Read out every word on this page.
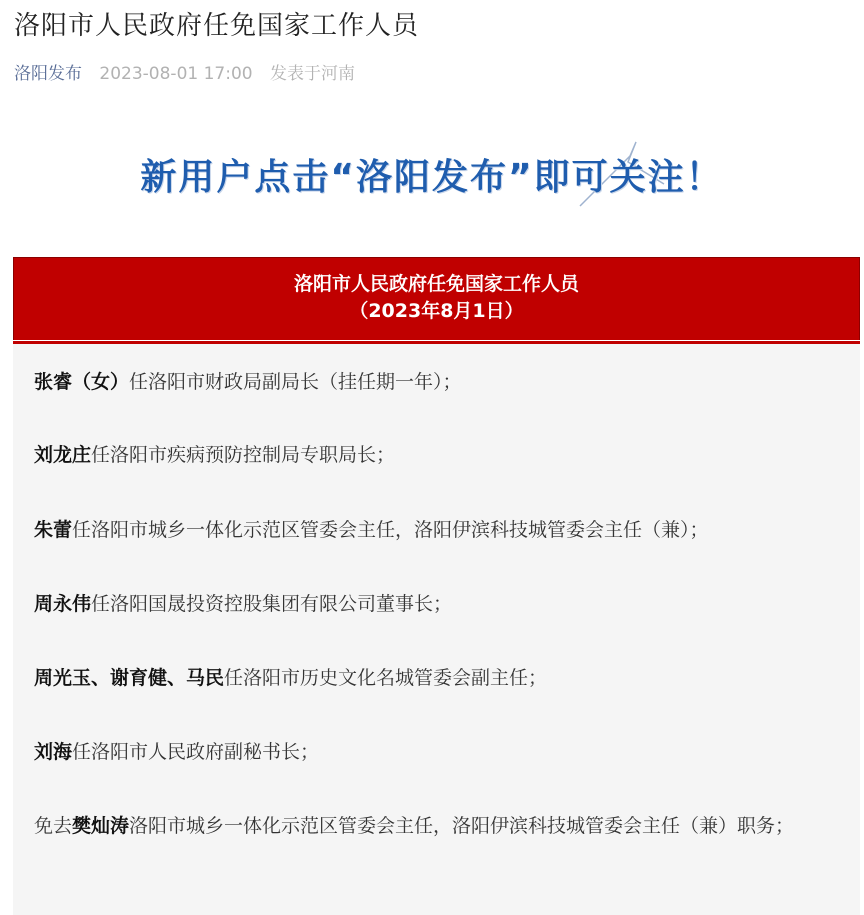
洛阳市人民政府任免国家工作人员
洛阳发布 2023-08-01 17:00 发表于河南
新用户点击“洛阳发布”即可关注！
洛阳市人民政府任免国家工作人员
（2023年8月1日）
张睿（女）任洛阳市财政局副局长（挂任期一年）；
刘龙庄任洛阳市疾病预防控制局专职局长；
朱蕾任洛阳市城乡一体化示范区管委会主任，洛阳伊滨科技城管委会主任（兼）；
周永伟任洛阳国晟投资控股集团有限公司董事长；
周光玉、谢育健、马民任洛阳市历史文化名城管委会副主任；
刘海任洛阳市人民政府副秘书长；
免去樊灿涛洛阳市城乡一体化示范区管委会主任，洛阳伊滨科技城管委会主任（兼）职务；
